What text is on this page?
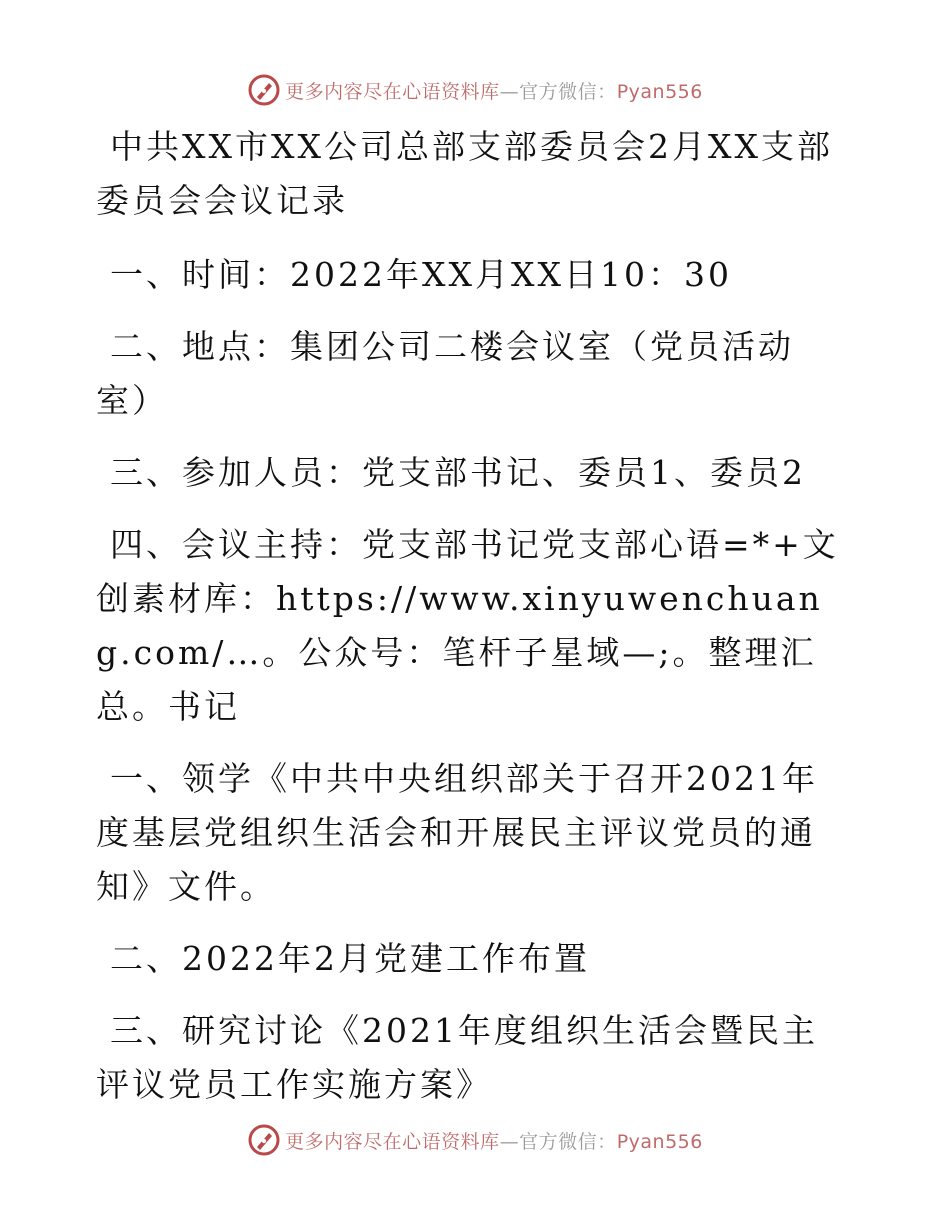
更多内容尽在心语资料库—官方微信：Pyan556

中共XX市XX公司总部支部委员会2月XX支部委员会会议记录

一、时间：2022年XX月XX日10：30

二、地点：集团公司二楼会议室（党员活动室）

三、参加人员：党支部书记、委员1、委员2

四、会议主持：党支部书记党支部心语=*+文创素材库：https://www.xinyuwenchuang.com/…。公众号：笔杆子星域—;。整理汇总。书记

一、领学《中共中央组织部关于召开2021年度基层党组织生活会和开展民主评议党员的通知》文件。

二、2022年2月党建工作布置

三、研究讨论《2021年度组织生活会暨民主评议党员工作实施方案》

更多内容尽在心语资料库—官方微信：Pyan556
